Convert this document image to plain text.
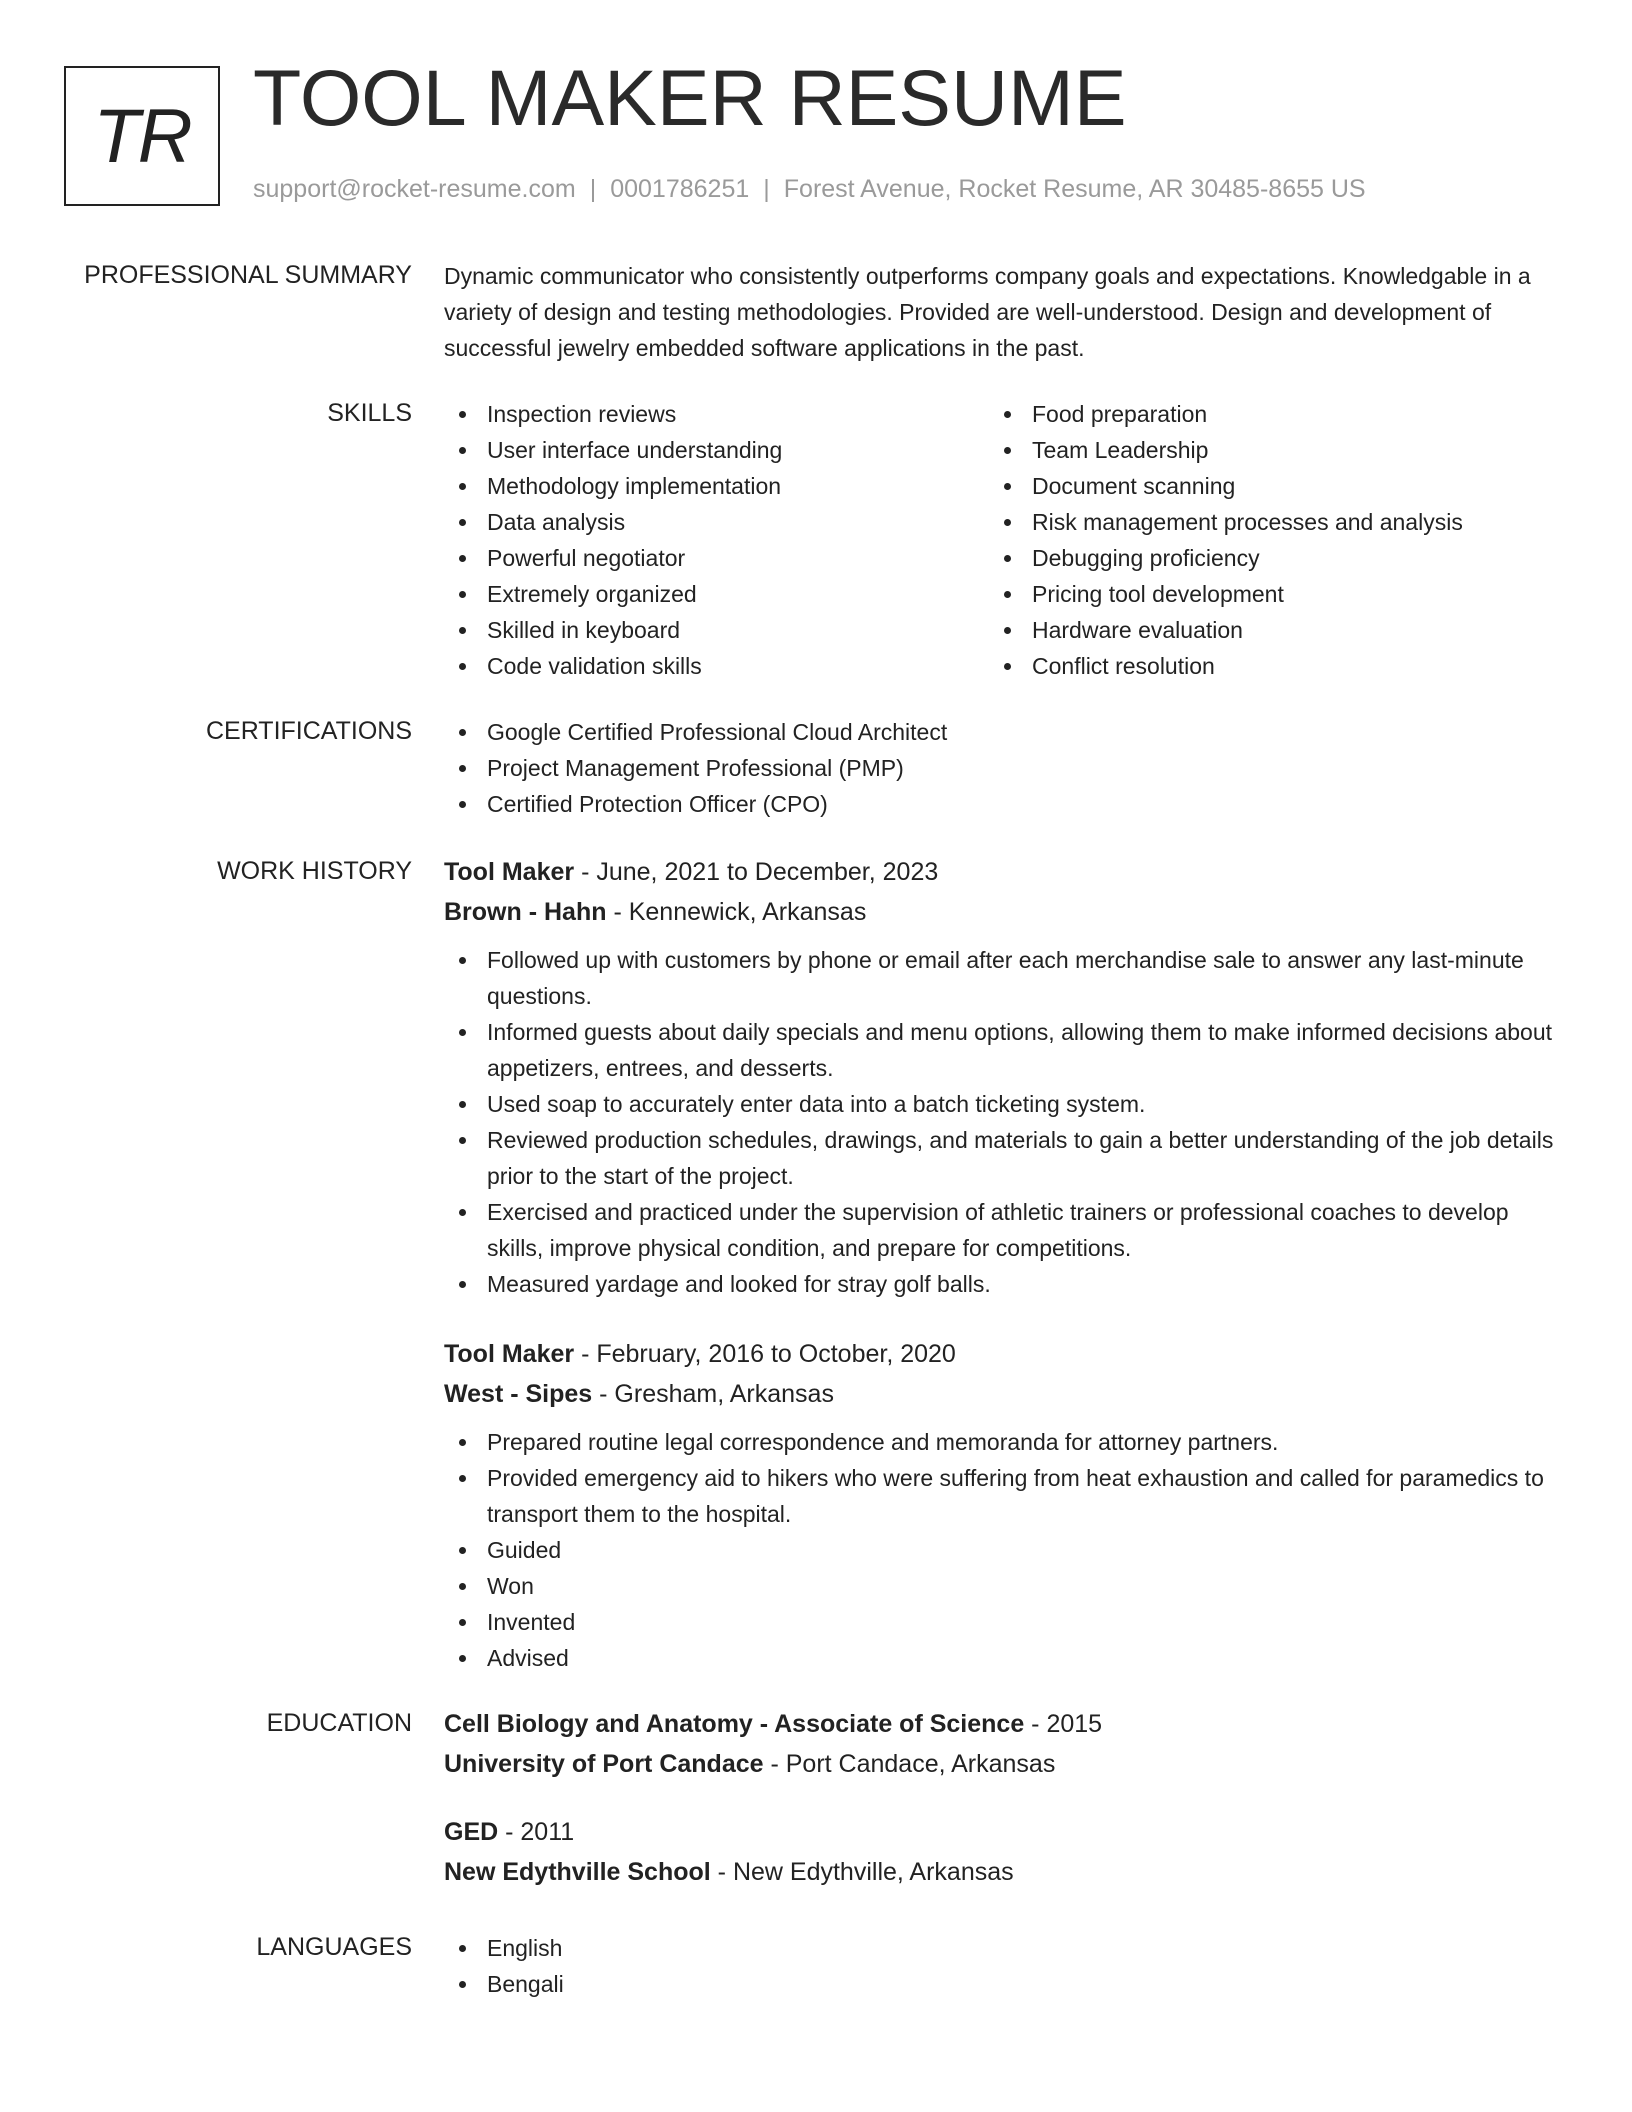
TR TOOL MAKER RESUME
support@rocket-resume.com | 0001786251 | Forest Avenue, Rocket Resume, AR 30485-8655 US
PROFESSIONAL SUMMARY Dynamic communicator who consistently outperforms company goals and expectations. Knowledgable in a variety of design and testing methodologies. Provided are well-understood. Design and development of successful jewelry embedded software applications in the past.
SKILLS	Inspection reviews
User interface understanding
Methodology implementation
Data analysis
Powerful negotiator
Extremely organized
Skilled in keyboard
Code validation skills
Food preparation
Team Leadership
Document scanning
Risk management processes and analysis
Debugging proficiency
Pricing tool development
Hardware evaluation
Conflict resolution
CERTIFICATIONS	Google Certified Professional Cloud Architect
Project Management Professional (PMP)
Certified Protection Officer (CPO)
WORK HISTORY Tool Maker - June, 2021 to December, 2023
Brown - Hahn - Kennewick, Arkansas
Followed up with customers by phone or email after each merchandise sale to answer any last-minute questions.
Informed guests about daily specials and menu options, allowing them to make informed decisions about appetizers, entrees, and desserts.
Used soap to accurately enter data into a batch ticketing system.
Reviewed production schedules, drawings, and materials to gain a better understanding of the job details prior to the start of the project.
Exercised and practiced under the supervision of athletic trainers or professional coaches to develop skills, improve physical condition, and prepare for competitions.
Measured yardage and looked for stray golf balls.
Tool Maker - February, 2016 to October, 2020
West - Sipes - Gresham, Arkansas
Prepared routine legal correspondence and memoranda for attorney partners.
Provided emergency aid to hikers who were suffering from heat exhaustion and called for paramedics to transport them to the hospital.
Guided
Won
Invented
Advised
EDUCATION Cell Biology and Anatomy - Associate of Science - 2015
University of Port Candace - Port Candace, Arkansas
GED - 2011
New Edythville School - New Edythville, Arkansas
LANGUAGES	English
Bengali
